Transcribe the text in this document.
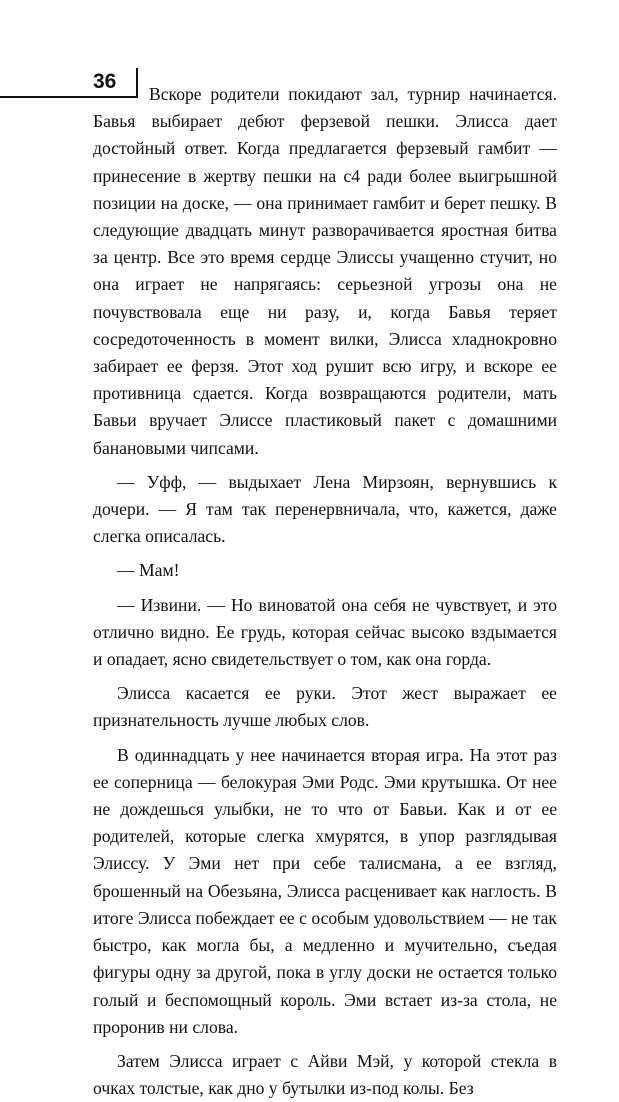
36

Вскоре родители покидают зал, турнир начинается. Бавья выбирает дебют ферзевой пешки. Элисса дает достойный ответ. Когда предлагается ферзевый гамбит — принесение в жертву пешки на c4 ради более выигрышной позиции на доске, — она принимает гамбит и берет пешку. В следующие двадцать минут разворачивается яростная битва за центр. Все это время сердце Элиссы учащенно стучит, но она играет не напрягаясь: серьезной угрозы она не почувствовала еще ни разу, и, когда Бавья теряет сосредоточенность в момент вилки, Элисса хладнокровно забирает ее ферзя. Этот ход рушит всю игру, и вскоре ее противница сдается. Когда возвращаются родители, мать Бавьи вручает Элиссе пластиковый пакет с домашними банановыми чипсами.

— Уфф, — выдыхает Лена Мирзоян, вернувшись к дочери. — Я там так перенервничала, что, кажется, даже слегка описалась.

— Мам!

— Извини. — Но виноватой она себя не чувствует, и это отлично видно. Ее грудь, которая сейчас высоко вздымается и опадает, ясно свидетельствует о том, как она горда.

Элисса касается ее руки. Этот жест выражает ее признательность лучше любых слов.

В одиннадцать у нее начинается вторая игра. На этот раз ее соперница — белокурая Эми Родс. Эми крутышка. От нее не дождешься улыбки, не то что от Бавьи. Как и от ее родителей, которые слегка хмурятся, в упор разглядывая Элиссу. У Эми нет при себе талисмана, а ее взгляд, брошенный на Обезьяна, Элисса расценивает как наглость. В итоге Элисса побеждает ее с особым удовольствием — не так быстро, как могла бы, а медленно и мучительно, съедая фигуры одну за другой, пока в углу доски не остается только голый и беспомощный король. Эми встает из-за стола, не проронив ни слова.

Затем Элисса играет с Айви Мэй, у которой стекла в очках толстые, как дно у бутылки из-под колы. Без
